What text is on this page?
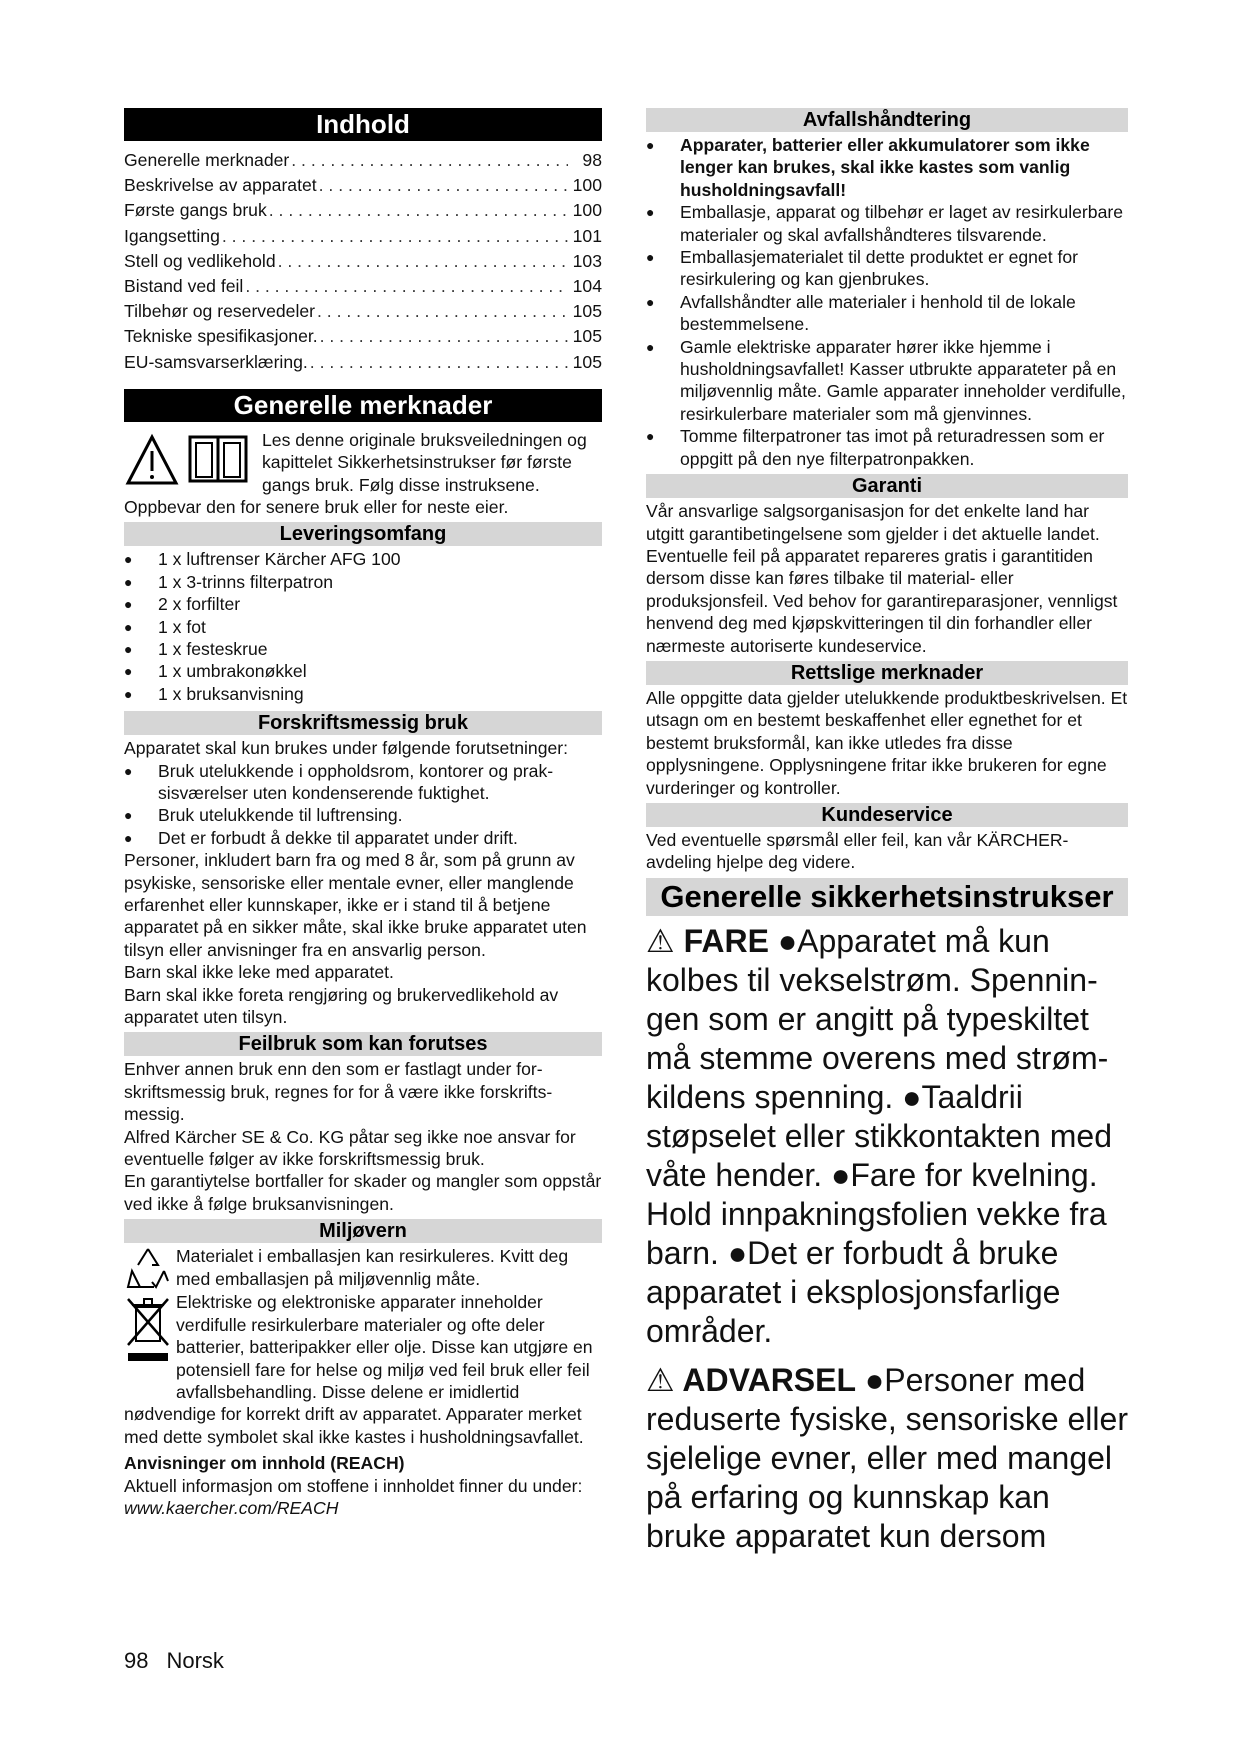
Indhold
Generelle merknader . . .	98
Beskrivelse av apparatet . . .	100
Første gangs bruk . . .	100
Igangsetting . . .	101
Stell og vedlikehold . . .	103
Bistand ved feil . . .	104
Tilbehør og reservedeler . . .	105
Tekniske spesifikasjoner. . . .	105
EU-samsvarserklæring. . . .	105
Generelle merknader

Les denne originale bruksveiledningen og kapittelet Sikkerhetsinstrukser før første gangs bruk. Følg disse instruksene.

Oppbevar den for senere bruk eller for neste eier.

Leveringsomfang
● 1 x luftrenser Kärcher AFG 100
● 1 x 3-trinns filterpatron
● 2 x forfilter
● 1 x fot
● 1 x festeskrue
● 1 x umbrakonøkkel
● 1 x bruksanvisning
Forskriftsmessig bruk

Apparatet skal kun brukes under følgende forutsetninger:

● Bruk utelukkende i oppholdsrom, kontorer og praksisværelser uten kondenserende fuktighet.
● Bruk utelukkende til luftrensing.
● Det er forbudt å dekke til apparatet under drift.

Personer, inkludert barn fra og med 8 år, som på grunn av psykiske, sensoriske eller mentale evner, eller manglende erfarenhet eller kunnskaper, ikke er i stand til å betjene apparatet på en sikker måte, skal ikke bruke apparatet uten tilsyn eller anvisninger fra en ansvarlig person.

Barn skal ikke leke med apparatet.

Barn skal ikke foreta rengjøring og brukervedlikehold av apparatet uten tilsyn.

Feilbruk som kan forutses

Enhver annen bruk enn den som er fastlagt under forskriftsmessig bruk, regnes for for å være ikke forskriftsmessig.

Alfred Kärcher SE & Co. KG påtar seg ikke noe ansvar for eventuelle følger av ikke forskriftsmessig bruk.

En garantiytelse bortfaller for skader og mangler som oppstår ved ikke å følge bruksanvisningen.

Miljøvern

Materialet i emballasjen kan resirkuleres. Kvitt deg med emballasjen på miljøvennlig måte.

Elektriske og elektroniske apparater inneholder verdifulle resirkulerbare materialer og ofte deler batterier, batteripakker eller olje. Disse kan utgjøre en potensiell fare for helse og miljø ved feil bruk eller feil avfallsbehandling. Disse delene er imidlertid nødvendige for korrekt drift av apparatet. Apparater merket med dette symbolet skal ikke kastes i husholdningsavfallet.

Anvisninger om innhold (REACH)

Aktuell informasjon om stoffene i innholdet finner du under: www.kaercher.com/REACH

Avfallshåndtering
● Apparater, batterier eller akkumulatorer som ikke lenger kan brukes, skal ikke kastes som vanlig husholdningsavfall!
● Emballasje, apparat og tilbehør er laget av resirkulerbare materialer og skal avfallshåndteres tilsvarende.
● Emballasjematerialet til dette produktet er egnet for resirkulering og kan gjenbrukes.
● Avfallshåndter alle materialer i henhold til de lokale bestemmelsene.
● Gamle elektriske apparater hører ikke hjemme i husholdningsavfallet! Kasser utbrukte apparateter på en miljøvennlig måte. Gamle apparater inneholder verdifulle, resirkulerbare materialer som må gjenvinnes.
● Tomme filterpatroner tas imot på returadressen som er oppgitt på den nye filterpatronpakken.
Garanti

Vår ansvarlige salgsorganisasjon for det enkelte land har utgitt garantibetingelsene som gjelder i det aktuelle landet. Eventuelle feil på apparatet repareres gratis i garantitiden dersom disse kan føres tilbake til material- eller produksjonsfeil. Ved behov for garantireparasjoner, vennligst henvend deg med kjøpskvitteringen til din forhandler eller nærmeste autoriserte kundeservice.

Rettslige merknader

Alle oppgitte data gjelder utelukkende produktbeskrivelsen. Et utsagn om en bestemt beskaffenhet eller egnethet for et bestemt bruksformål, kan ikke utledes fra disse opplysningene. Opplysningene fritar ikke brukeren for egne vurderinger og kontroller.

Kundeservice

Ved eventuelle spørsmål eller feil, kan vår KÄRCHER-avdeling hjelpe deg videre.

Generelle sikkerhetsinstrukser

⚠ FARE ●Apparatet må kun kolbes til vekselstrøm. Spenningen som er angitt på typeskiltet må stemme overens med strømkildens spenning. ●Taaldrii støpselet eller stikkontakten med våte hender. ●Fare for kvelning. Hold innpakningsfolien vekke fra barn. ●Det er forbudt å bruke apparatet i eksplosjonsfarlige områder.

⚠ ADVARSEL ●Personer med reduserte fysiske, sensoriske eller sjelelige evner, eller med mangel på erfaring og kunnskap kan bruke apparatet kun dersom

98 Norsk
